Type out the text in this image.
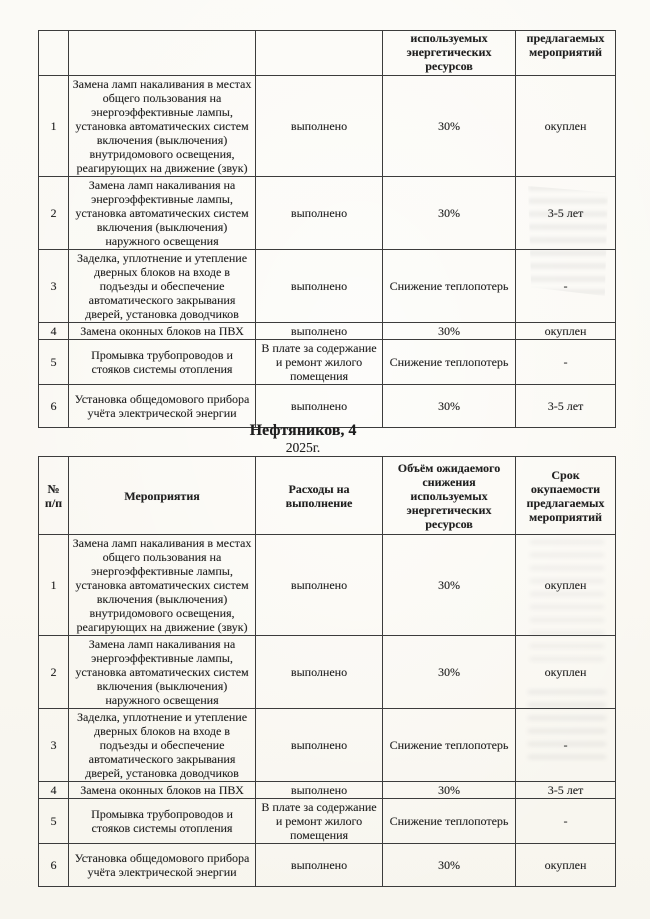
			используемых энергетических ресурсов	предлагаемых мероприятий
1	Замена ламп накаливания в местах общего пользования на энергоэффективные лампы, установка автоматических систем включения (выключения) внутридомового освещения, реагирующих на движение (звук)	выполнено	30%	окуплен
2	Замена ламп накаливания на энергоэффективные лампы, установка автоматических систем включения (выключения) наружного освещения	выполнено	30%	3-5 лет
3	Заделка, уплотнение и утепление дверных блоков на входе в подъезды и обеспечение автоматического закрывания дверей, установка доводчиков	выполнено	Снижение теплопотерь	-
4	Замена оконных блоков на ПВХ	выполнено	30%	окуплен
5	Промывка трубопроводов и стояков системы отопления	В плате за содержание и ремонт жилого помещения	Снижение теплопотерь	-
6	Установка общедомового прибора учёта электрической энергии	выполнено	30%	3-5 лет
Нефтяников, 4
2025г.
№ п/п	Мероприятия	Расходы на выполнение	Объём ожидаемого снижения используемых энергетических ресурсов	Срок окупаемости предлагаемых мероприятий
1	Замена ламп накаливания в местах общего пользования на энергоэффективные лампы, установка автоматических систем включения (выключения) внутридомового освещения, реагирующих на движение (звук)	выполнено	30%	окуплен
2	Замена ламп накаливания на энергоэффективные лампы, установка автоматических систем включения (выключения) наружного освещения	выполнено	30%	окуплен
3	Заделка, уплотнение и утепление дверных блоков на входе в подъезды и обеспечение автоматического закрывания дверей, установка доводчиков	выполнено	Снижение теплопотерь	-
4	Замена оконных блоков на ПВХ	выполнено	30%	3-5 лет
5	Промывка трубопроводов и стояков системы отопления	В плате за содержание и ремонт жилого помещения	Снижение теплопотерь	-
6	Установка общедомового прибора учёта электрической энергии	выполнено	30%	окуплен
